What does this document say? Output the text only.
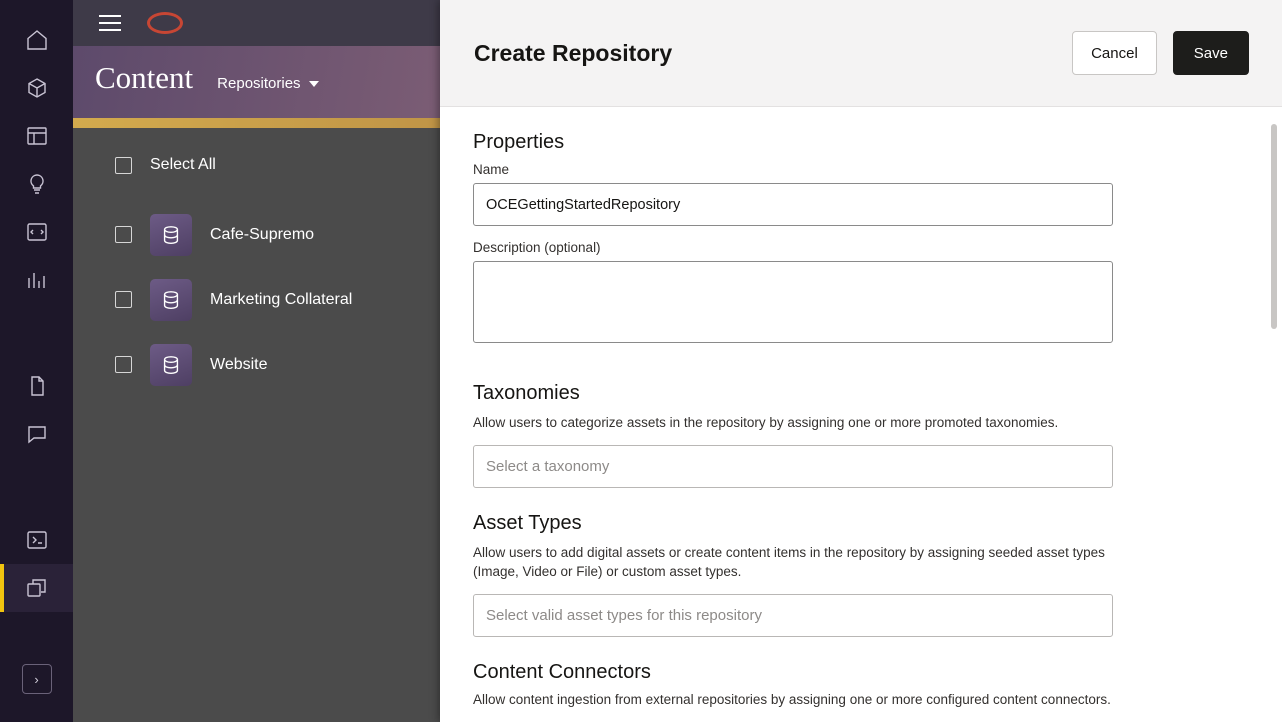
›
Content Repositories
Select All
Cafe-Supremo
Marketing Collateral
Website
Create Repository	Cancel	Save
Properties
Name
OCEGettingStartedRepository
Description (optional)
Taxonomies
Allow users to categorize assets in the repository by assigning one or more promoted taxonomies.
Select a taxonomy
Asset Types
Allow users to add digital assets or create content items in the repository by assigning seeded asset types (Image, Video or File) or custom asset types.
Select valid asset types for this repository
Content Connectors
Allow content ingestion from external repositories by assigning one or more configured content connectors.
